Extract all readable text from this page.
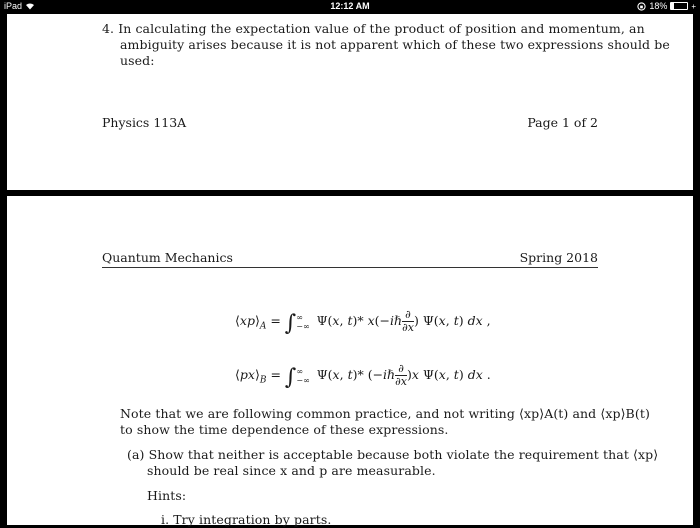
iPad	12:12 AM	18%	+
4. In calculating the expectation value of the product of position and momentum, an
ambiguity arises because it is not apparent which of these two expressions should be
used:
Physics 113A	Page 1 of 2
Quantum Mechanics	Spring 2018
$⟨xp⟩_A$ = ∫∞
−∞ Ψ(x, t)* x(−iℏ ∂
∂x) Ψ(x, t) dx ,
$⟨px⟩_B$ = ∫∞
−∞ Ψ(x, t)* (−iℏ ∂
∂x)x Ψ(x, t) dx .
Note that we are following common practice, and not writing ⟨xp⟩A(t) and ⟨xp⟩B(t)
to show the time dependence of these expressions.
(a) Show that neither is acceptable because both violate the requirement that ⟨xp⟩
should be real since x and p are measurable.
Hints:
i. Try integration by parts.
